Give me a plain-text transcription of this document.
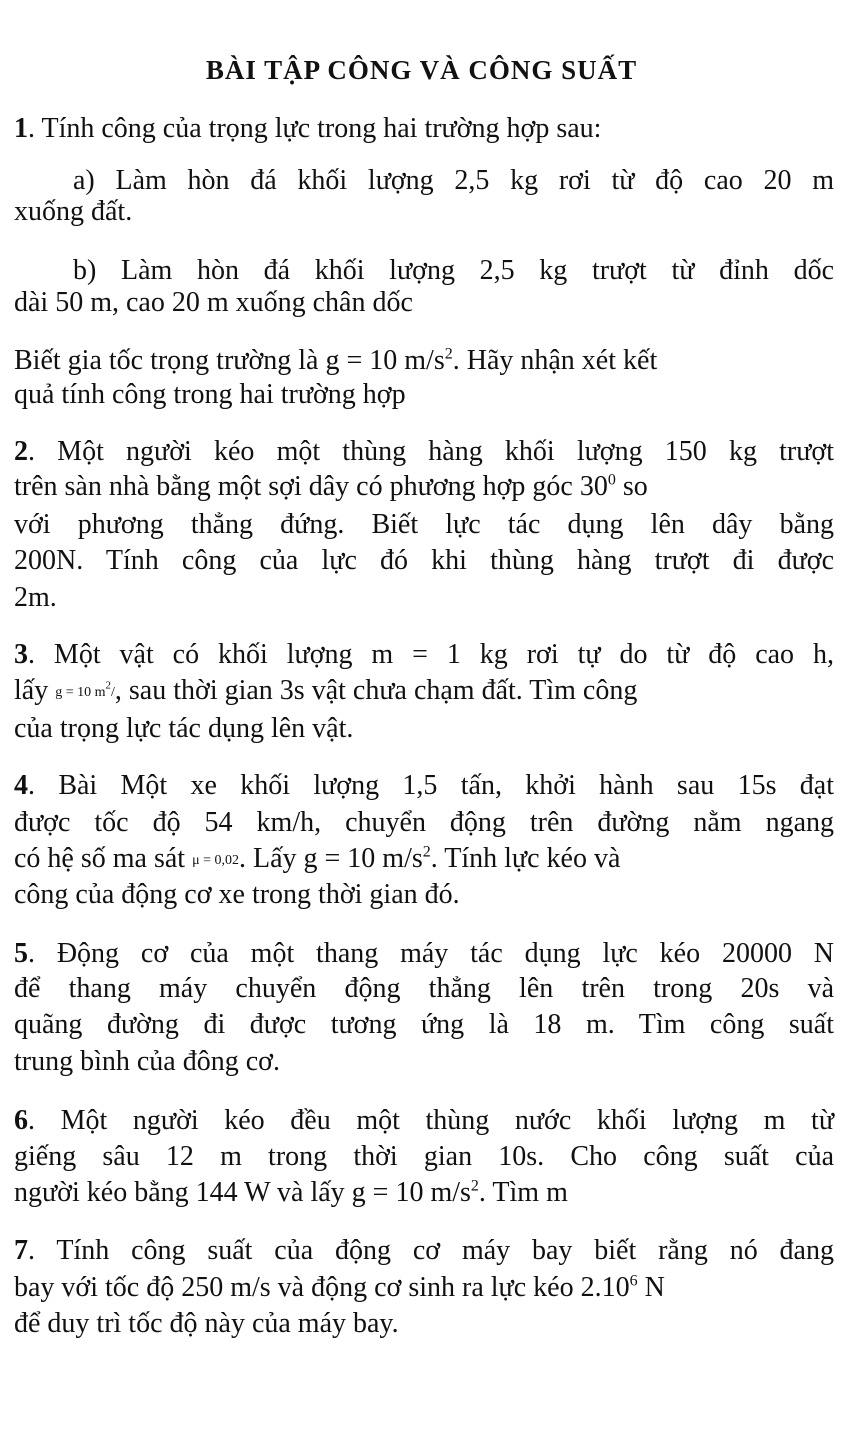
BÀI TẬP CÔNG VÀ CÔNG SUẤT
1. Tính công của trọng lực trong hai trường hợp sau:
a) Làm hòn đá khối lượng 2,5 kg rơi từ độ cao 20 m
xuống đất.
b) Làm hòn đá khối lượng 2,5 kg trượt từ đỉnh dốc
dài 50 m, cao 20 m xuống chân dốc
Biết gia tốc trọng trường là g = 10 $m/s^2$. Hãy nhận xét kết
quả tính công trong hai trường hợp
2. Một người kéo một thùng hàng khối lượng 150 kg trượt
trên sàn nhà bằng một sợi dây có phương hợp góc $30^0$ so
với phương thẳng đứng. Biết lực tác dụng lên dây bằng
200N. Tính công của lực đó khi thùng hàng trượt đi được
2m.
3. Một vật có khối lượng m = 1 kg rơi tự do từ độ cao h,
lấy g = 10 $m^2/$, sau thời gian 3s vật chưa chạm đất. Tìm công
của trọng lực tác dụng lên vật.
4. Bài Một xe khối lượng 1,5 tấn, khởi hành sau 15s đạt
được tốc độ 54 km/h, chuyển động trên đường nằm ngang
có hệ số ma sát μ = 0,02. Lấy g = 10 $m/s^2$. Tính lực kéo và
công của động cơ xe trong thời gian đó.
5. Động cơ của một thang máy tác dụng lực kéo 20000 N
để thang máy chuyển động thẳng lên trên trong 20s và
quãng đường đi được tương ứng là 18 m. Tìm công suất
trung bình của đông cơ.
6. Một người kéo đều một thùng nước khối lượng m từ
giếng sâu 12 m trong thời gian 10s. Cho công suất của
người kéo bằng 144 W và lấy g = 10 $m/s^2$. Tìm m
7. Tính công suất của động cơ máy bay biết rằng nó đang
bay với tốc độ 250 m/s và động cơ sinh ra lực kéo 2.10$^6$ N
để duy trì tốc độ này của máy bay.
